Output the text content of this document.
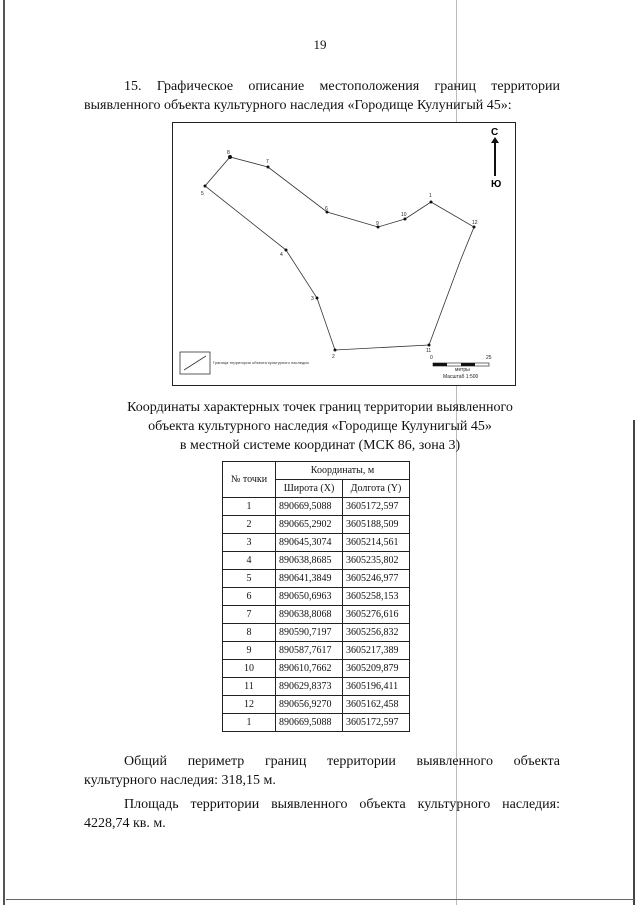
19
15. Графическое описание местоположения границ территории
выявленного объекта культурного наследия «Городище Кулунигый 45»:
1
2
3
4
5
6
7
8
9
10
11
12
С
Ю
Граница территории объекта культурного наследия
0	25
метры
Масштаб 1:500
Координаты характерных точек границ территории выявленного
объекта культурного наследия «Городище Кулунигый 45»
в местной системе координат (МСК 86, зона 3)
№ точки	Координаты, м	
	Широта (X)	Долгота (Y)
1	890669,5088	3605172,597
2	890665,2902	3605188,509
3	890645,3074	3605214,561
4	890638,8685	3605235,802
5	890641,3849	3605246,977
6	890650,6963	3605258,153
7	890638,8068	3605276,616
8	890590,7197	3605256,832
9	890587,7617	3605217,389
10	890610,7662	3605209,879
11	890629,8373	3605196,411
12	890656,9270	3605162,458
1	890669,5088	3605172,597
Общий периметр границ территории выявленного объекта
культурного наследия: 318,15 м.
Площадь территории выявленного объекта культурного наследия:
4228,74 кв. м.
